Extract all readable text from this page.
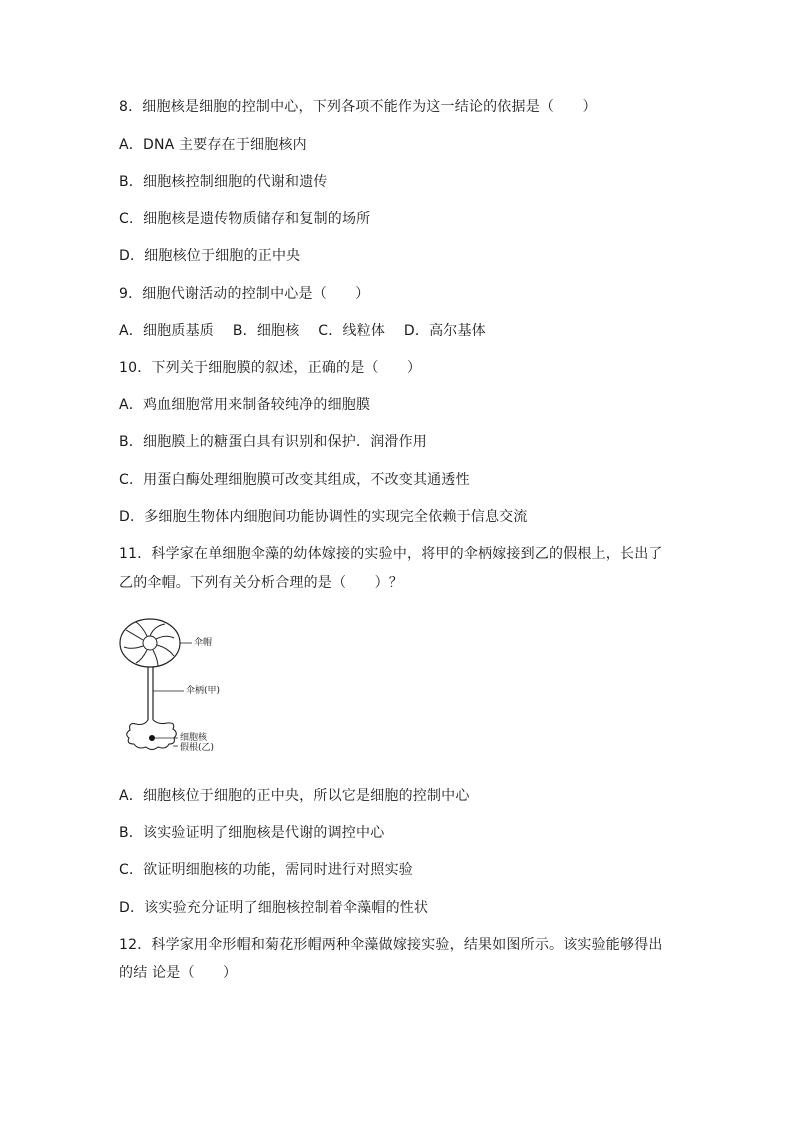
8．细胞核是细胞的控制中心，下列各项不能作为这一结论的依据是（　　）
A．DNA 主要存在于细胞核内
B．细胞核控制细胞的代谢和遗传
C．细胞核是遗传物质储存和复制的场所
D．细胞核位于细胞的正中央
9．细胞代谢活动的控制中心是（　　）
A．细胞质基质　 B．细胞核　 C．线粒体　 D．高尔基体
10．下列关于细胞膜的叙述，正确的是（　　）
A．鸡血细胞常用来制备较纯净的细胞膜
B．细胞膜上的糖蛋白具有识别和保护．润滑作用
C．用蛋白酶处理细胞膜可改变其组成，不改变其通透性
D．多细胞生物体内细胞间功能协调性的实现完全依赖于信息交流
11．科学家在单细胞伞藻的幼体嫁接的实验中，将甲的伞柄嫁接到乙的假根上，长出了
乙的伞帽。下列有关分析合理的是（　　）？
伞帽
伞柄(甲)
细胞核
假根(乙)
A．细胞核位于细胞的正中央，所以它是细胞的控制中心
B．该实验证明了细胞核是代谢的调控中心
C．欲证明细胞核的功能，需同时进行对照实验
D．该实验充分证明了细胞核控制着伞藻帽的性状
12．科学家用伞形帽和菊花形帽两种伞藻做嫁接实验，结果如图所示。该实验能够得出
的结 论是（　　）
